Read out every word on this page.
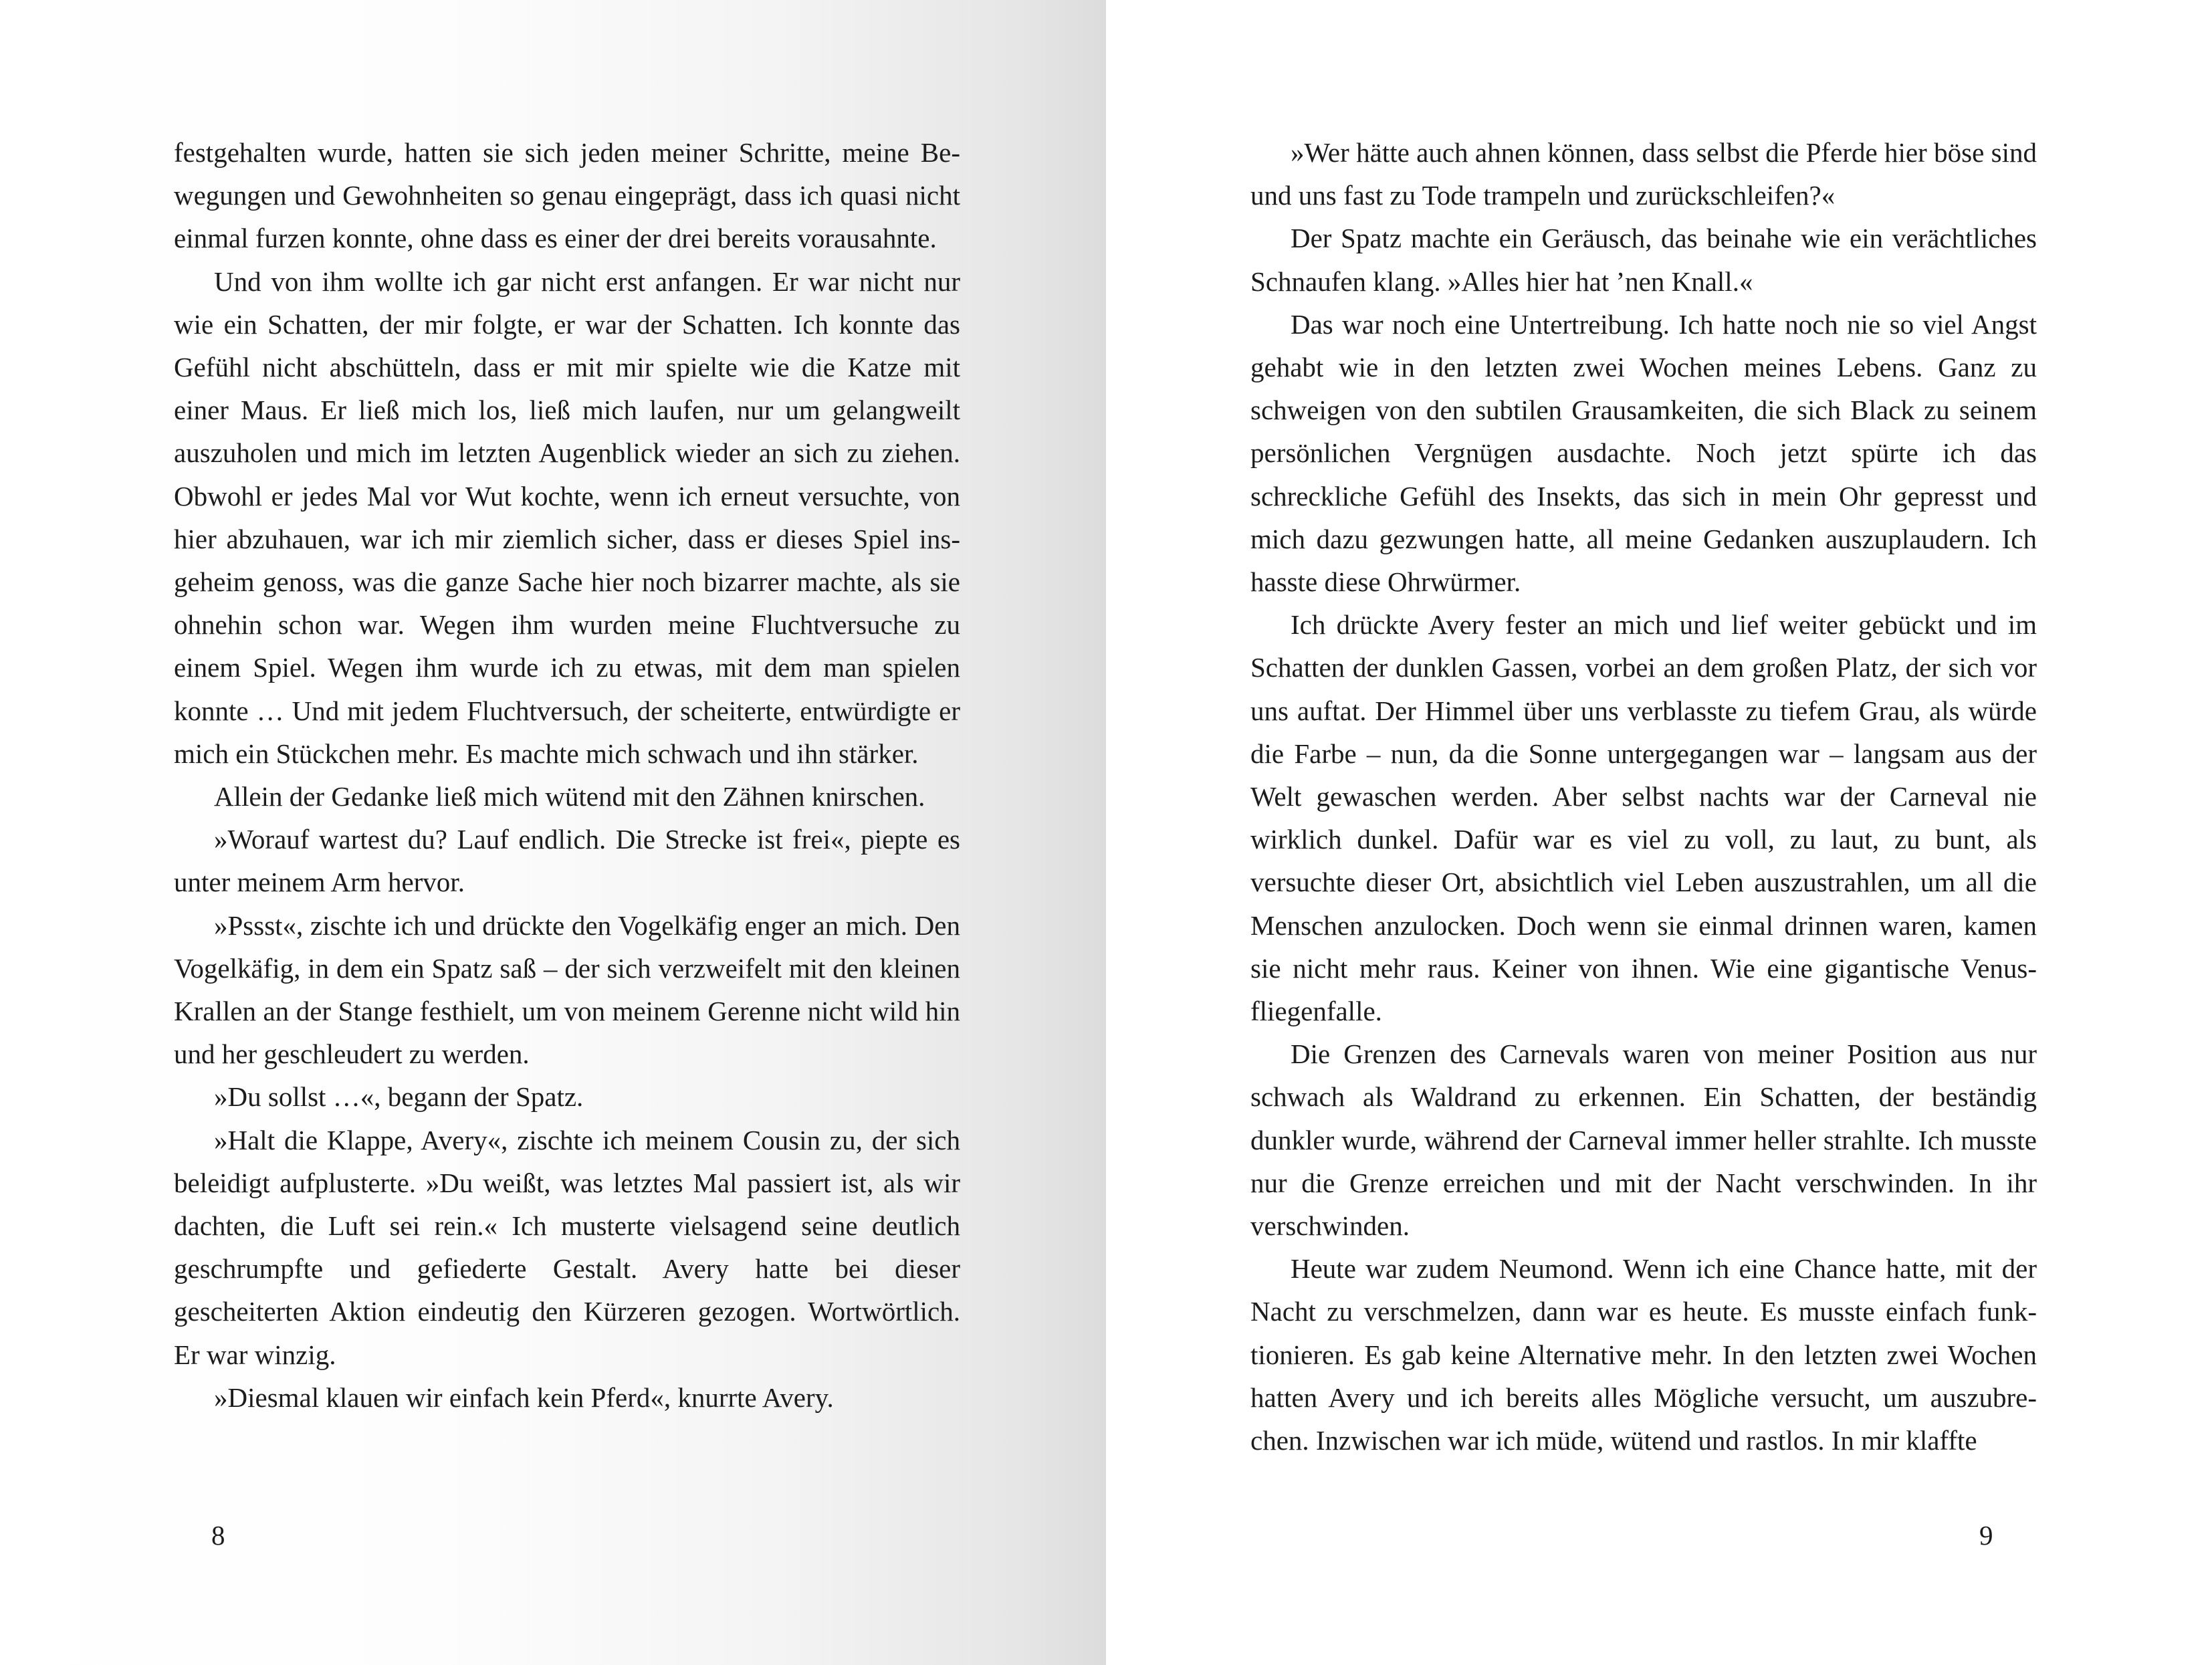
festgehalten wurde, hatten sie sich jeden meiner Schritte, meine Bewegungen und Gewohnheiten so genau eingeprägt, dass ich quasi nicht einmal furzen konnte, ohne dass es einer der drei bereits vorausahnte.

Und von ihm wollte ich gar nicht erst anfangen. Er war nicht nur wie ein Schatten, der mir folgte, er war der Schatten. Ich konnte das Gefühl nicht abschütteln, dass er mit mir spielte wie die Katze mit einer Maus. Er ließ mich los, ließ mich laufen, nur um gelangweilt auszuholen und mich im letzten Augenblick wieder an sich zu ziehen. Obwohl er jedes Mal vor Wut kochte, wenn ich erneut versuchte, von hier abzuhauen, war ich mir ziemlich sicher, dass er dieses Spiel insgeheim genoss, was die ganze Sache hier noch bizarrer machte, als sie ohnehin schon war. Wegen ihm wurden meine Fluchtversuche zu einem Spiel. Wegen ihm wurde ich zu etwas, mit dem man spielen konnte … Und mit jedem Fluchtversuch, der scheiterte, entwürdigte er mich ein Stückchen mehr. Es machte mich schwach und ihn stärker.

Allein der Gedanke ließ mich wütend mit den Zähnen knirschen.

»Worauf wartest du? Lauf endlich. Die Strecke ist frei«, piepte es unter meinem Arm hervor.

»Pssst«, zischte ich und drückte den Vogelkäfig enger an mich. Den Vogelkäfig, in dem ein Spatz saß – der sich verzweifelt mit den kleinen Krallen an der Stange festhielt, um von meinem Gerenne nicht wild hin und her geschleudert zu werden.

»Du sollst …«, begann der Spatz.

»Halt die Klappe, Avery«, zischte ich meinem Cousin zu, der sich beleidigt aufplusterte. »Du weißt, was letztes Mal passiert ist, als wir dachten, die Luft sei rein.« Ich musterte vielsagend seine deutlich geschrumpfte und gefiederte Gestalt. Avery hatte bei dieser gescheiterten Aktion eindeutig den Kürzeren gezogen. Wortwörtlich. Er war winzig.

»Diesmal klauen wir einfach kein Pferd«, knurrte Avery.

8

»Wer hätte auch ahnen können, dass selbst die Pferde hier böse sind und uns fast zu Tode trampeln und zurückschleifen?«

Der Spatz machte ein Geräusch, das beinahe wie ein verächtliches Schnaufen klang. »Alles hier hat ’nen Knall.«

Das war noch eine Untertreibung. Ich hatte noch nie so viel Angst gehabt wie in den letzten zwei Wochen meines Lebens. Ganz zu schweigen von den subtilen Grausamkeiten, die sich Black zu seinem persönlichen Vergnügen ausdachte. Noch jetzt spürte ich das schreckliche Gefühl des Insekts, das sich in mein Ohr gepresst und mich dazu gezwungen hatte, all meine Gedanken auszuplaudern. Ich hasste diese Ohrwürmer.

Ich drückte Avery fester an mich und lief weiter gebückt und im Schatten der dunklen Gassen, vorbei an dem großen Platz, der sich vor uns auftat. Der Himmel über uns verblasste zu tiefem Grau, als würde die Farbe – nun, da die Sonne untergegangen war – langsam aus der Welt gewaschen werden. Aber selbst nachts war der Carneval nie wirklich dunkel. Dafür war es viel zu voll, zu laut, zu bunt, als versuchte dieser Ort, absichtlich viel Leben auszustrahlen, um all die Menschen anzulocken. Doch wenn sie einmal drinnen waren, kamen sie nicht mehr raus. Keiner von ihnen. Wie eine gigantische Venusfliegenfalle.

Die Grenzen des Carnevals waren von meiner Position aus nur schwach als Waldrand zu erkennen. Ein Schatten, der beständig dunkler wurde, während der Carneval immer heller strahlte. Ich musste nur die Grenze erreichen und mit der Nacht verschwinden. In ihr verschwinden.

Heute war zudem Neumond. Wenn ich eine Chance hatte, mit der Nacht zu verschmelzen, dann war es heute. Es musste einfach funktionieren. Es gab keine Alternative mehr. In den letzten zwei Wochen hatten Avery und ich bereits alles Mögliche versucht, um auszubrechen. Inzwischen war ich müde, wütend und rastlos. In mir klaffte

9
